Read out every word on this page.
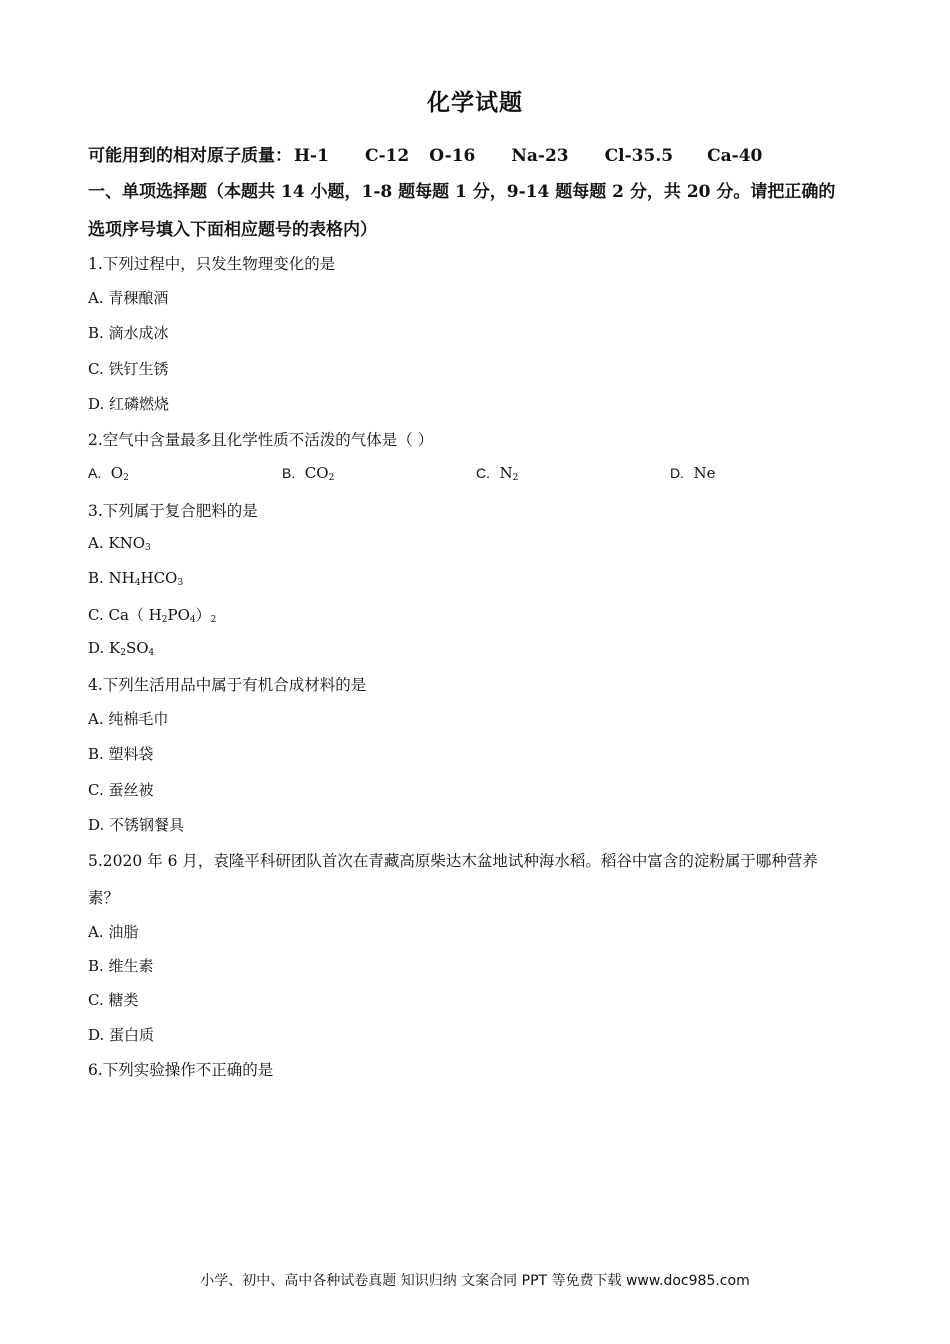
化学试题
可能用到的相对原子质量： H-1 C-12 O-16 Na-23 Cl-35.5 Ca-40
一、单项选择题（本题共 14 小题，1-8 题每题 1 分，9-14 题每题 2 分，共 20 分。请把正确的
选项序号填入下面相应题号的表格内）
1.下列过程中，只发生物理变化的是
A. 青稞酿酒
B. 滴水成冰
C. 铁钉生锈
D. 红磷燃烧
2.空气中含量最多且化学性质不活泼的气体是（ ）
A. $O_2$	B. $CO_2$	C. $N_2$	D. Ne
3.下列属于复合肥料的是
A. $KNO_3$
B. $NH_4HCO_3$
C. Ca（ $H_2PO_4)_2$
D. $K_2SO_4$
4.下列生活用品中属于有机合成材料的是
A. 纯棉毛巾
B. 塑料袋
C. 蚕丝被
D. 不锈钢餐具
5.2020 年 6 月，袁隆平科研团队首次在青藏高原柴达木盆地试种海水稻。稻谷中富含的淀粉属于哪种营养
素？
A. 油脂
B. 维生素
C. 糖类
D. 蛋白质
6.下列实验操作不正确的是
小学、初中、高中各种试卷真题 知识归纳 文案合同 PPT 等免费下载 www.doc985.com
